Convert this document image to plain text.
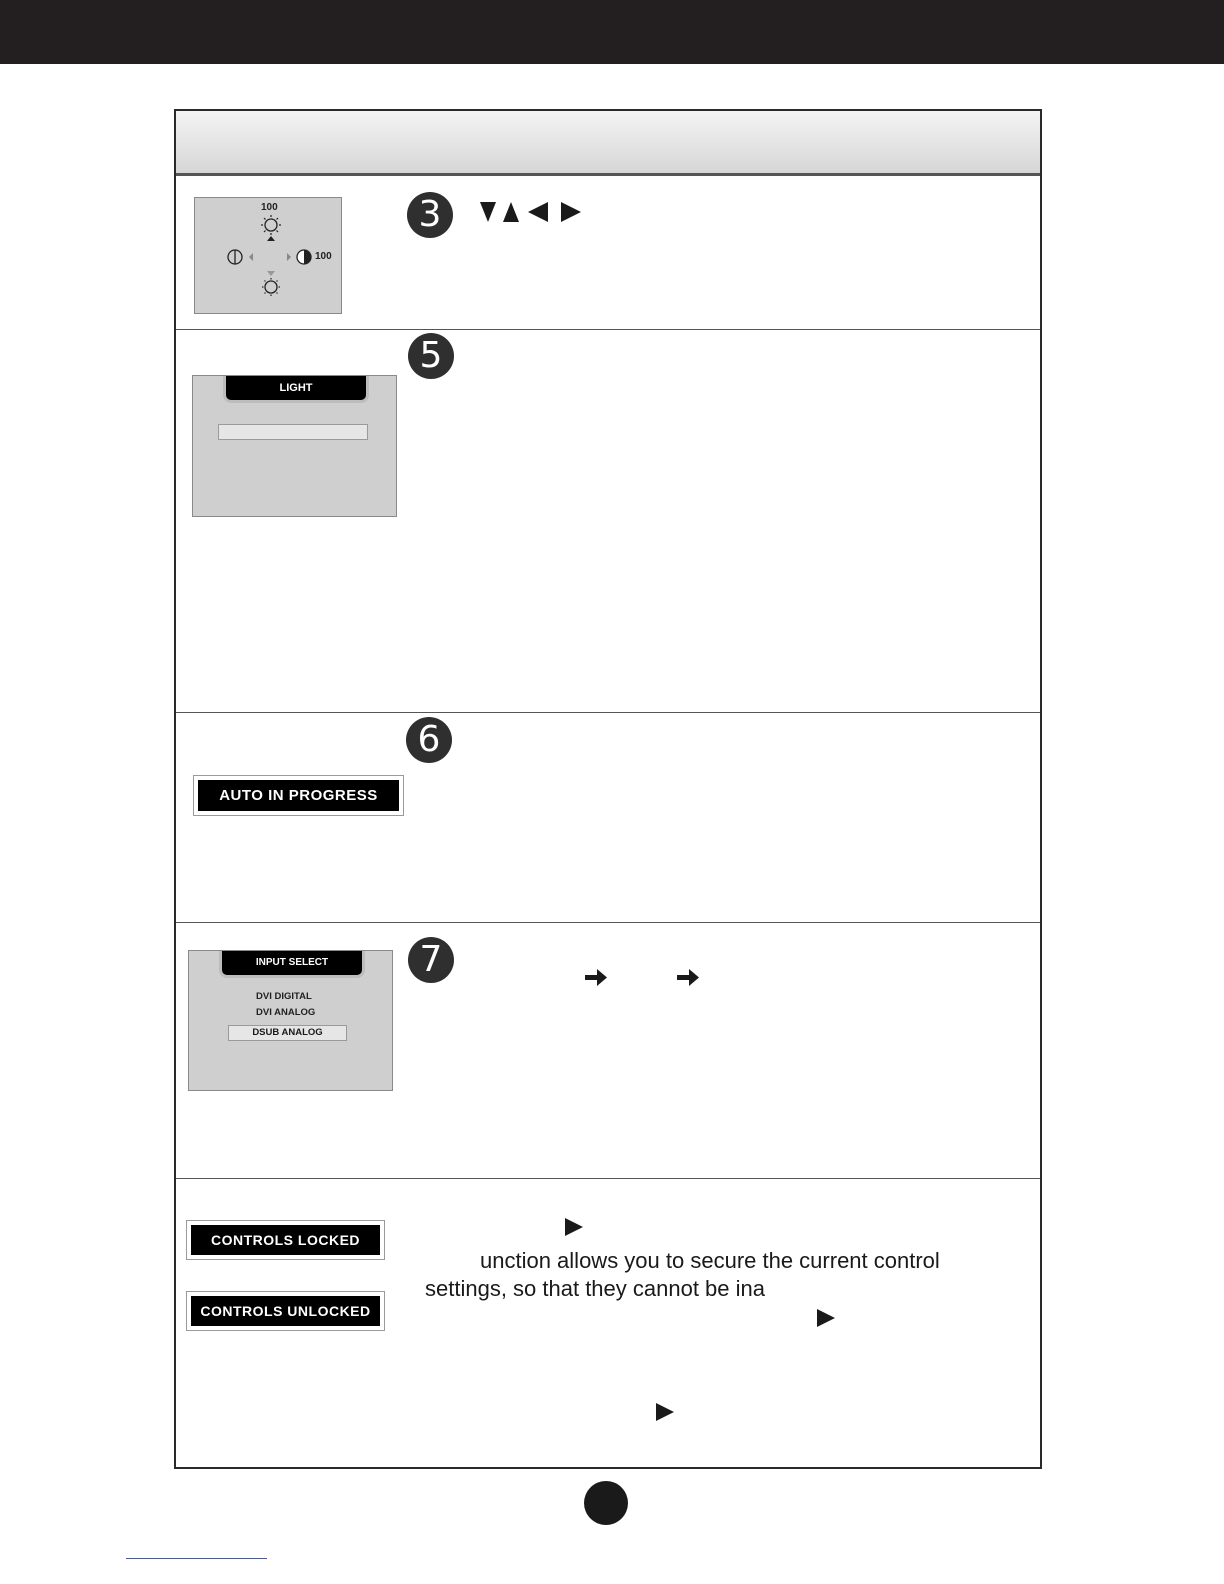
100
100
3
5
LIGHT
6
AUTO IN PROGRESS
7
INPUT SELECT
DVI DIGITAL
DVI ANALOG
DSUB ANALOG
CONTROLS LOCKED
CONTROLS UNLOCKED
unction allows you to secure the current control
settings, so that they cannot be ina
